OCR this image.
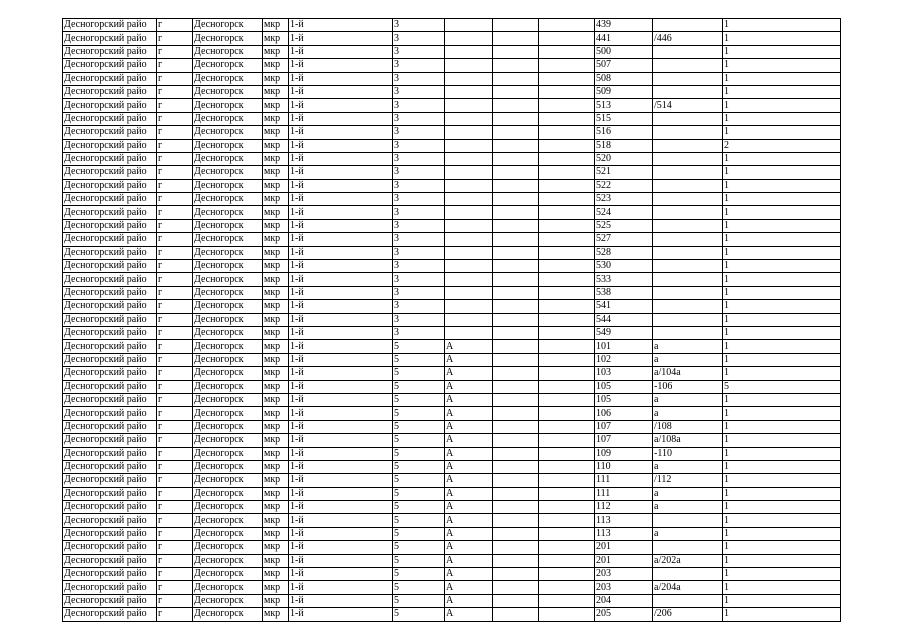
Десногорский райо	г	Десногорск	мкр	1-й	3				439		1
Десногорский райо	г	Десногорск	мкр	1-й	3				441	/446	1
Десногорский райо	г	Десногорск	мкр	1-й	3				500		1
Десногорский райо	г	Десногорск	мкр	1-й	3				507		1
Десногорский райо	г	Десногорск	мкр	1-й	3				508		1
Десногорский райо	г	Десногорск	мкр	1-й	3				509		1
Десногорский райо	г	Десногорск	мкр	1-й	3				513	/514	1
Десногорский райо	г	Десногорск	мкр	1-й	3				515		1
Десногорский райо	г	Десногорск	мкр	1-й	3				516		1
Десногорский райо	г	Десногорск	мкр	1-й	3				518		2
Десногорский райо	г	Десногорск	мкр	1-й	3				520		1
Десногорский райо	г	Десногорск	мкр	1-й	3				521		1
Десногорский райо	г	Десногорск	мкр	1-й	3				522		1
Десногорский райо	г	Десногорск	мкр	1-й	3				523		1
Десногорский райо	г	Десногорск	мкр	1-й	3				524		1
Десногорский райо	г	Десногорск	мкр	1-й	3				525		1
Десногорский райо	г	Десногорск	мкр	1-й	3				527		1
Десногорский райо	г	Десногорск	мкр	1-й	3				528		1
Десногорский райо	г	Десногорск	мкр	1-й	3				530		1
Десногорский райо	г	Десногорск	мкр	1-й	3				533		1
Десногорский райо	г	Десногорск	мкр	1-й	3				538		1
Десногорский райо	г	Десногорск	мкр	1-й	3				541		1
Десногорский райо	г	Десногорск	мкр	1-й	3				544		1
Десногорский райо	г	Десногорск	мкр	1-й	3				549		1
Десногорский райо	г	Десногорск	мкр	1-й	5	А			101	а	1
Десногорский райо	г	Десногорск	мкр	1-й	5	А			102	а	1
Десногорский райо	г	Десногорск	мкр	1-й	5	А			103	а/104а	1
Десногорский райо	г	Десногорск	мкр	1-й	5	А			105	-106	5
Десногорский райо	г	Десногорск	мкр	1-й	5	А			105	а	1
Десногорский райо	г	Десногорск	мкр	1-й	5	А			106	а	1
Десногорский райо	г	Десногорск	мкр	1-й	5	А			107	/108	1
Десногорский райо	г	Десногорск	мкр	1-й	5	А			107	а/108а	1
Десногорский райо	г	Десногорск	мкр	1-й	5	А			109	-110	1
Десногорский райо	г	Десногорск	мкр	1-й	5	А			110	а	1
Десногорский райо	г	Десногорск	мкр	1-й	5	А			111	/112	1
Десногорский райо	г	Десногорск	мкр	1-й	5	А			111	а	1
Десногорский райо	г	Десногорск	мкр	1-й	5	А			112	а	1
Десногорский райо	г	Десногорск	мкр	1-й	5	А			113		1
Десногорский райо	г	Десногорск	мкр	1-й	5	А			113	а	1
Десногорский райо	г	Десногорск	мкр	1-й	5	А			201		1
Десногорский райо	г	Десногорск	мкр	1-й	5	А			201	а/202а	1
Десногорский райо	г	Десногорск	мкр	1-й	5	А			203		1
Десногорский райо	г	Десногорск	мкр	1-й	5	А			203	а/204а	1
Десногорский райо	г	Десногорск	мкр	1-й	5	А			204		1
Десногорский райо	г	Десногорск	мкр	1-й	5	А			205	/206	1
